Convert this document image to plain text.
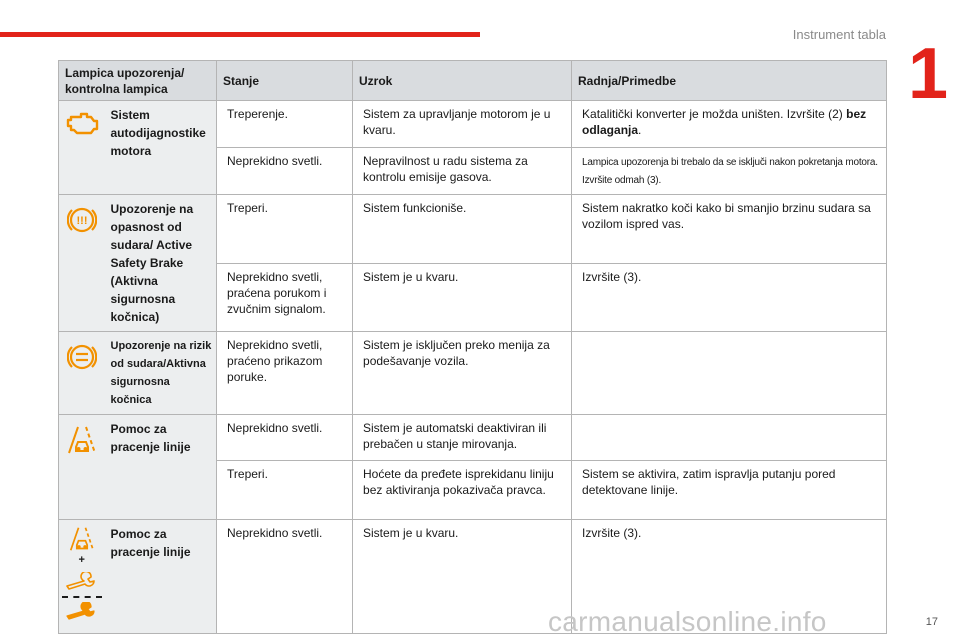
Instrument tabla 1
Lampica upozorenja/ kontrolna lampica		Stanje	Uzrok	Radnja/Primedbe

	Sistem autodijagnostike motora	Treperenje.	Sistem za upravljanje motorom je u kvaru.	Katalitički konverter je možda uništen. Izvršite (2) bez odlaganja.
		Neprekidno svetli.	Nepravilnost u radu sistema za kontrolu emisije gasova.	Lampica upozorenja bi trebalo da se isključi nakon pokretanja motora. Izvršite odmah (3).

!!!	Upozorenje na opasnost od sudara/ Active Safety Brake (Aktivna sigurnosna kočnica)	Treperi.	Sistem funkcioniše.	Sistem nakratko koči kako bi smanjio brzinu sudara sa vozilom ispred vas.
		Neprekidno svetli, praćena porukom i zvučnim signalom.	Sistem je u kvaru.	Izvršite (3).

	Upozorenje na rizik od sudara/Aktivna sigurnosna kočnica	Neprekidno svetli, praćeno prikazom poruke.	Sistem je isključen preko menija za podešavanje vozila.	

	Pomoc za pracenje linije	Neprekidno svetli.	Sistem je automatski deaktiviran ili prebačen u stanje mirovanja.	
		Treperi.	Hoćete da pređete isprekidanu liniju bez aktiviranja pokazivača pravca.	Sistem se aktivira, zatim ispravlja putanju pored detektovane linije.

+	Pomoc za pracenje linije	Neprekidno svetli.	Sistem je u kvaru.	Izvršite (3).
carmanualsonline.info	17
